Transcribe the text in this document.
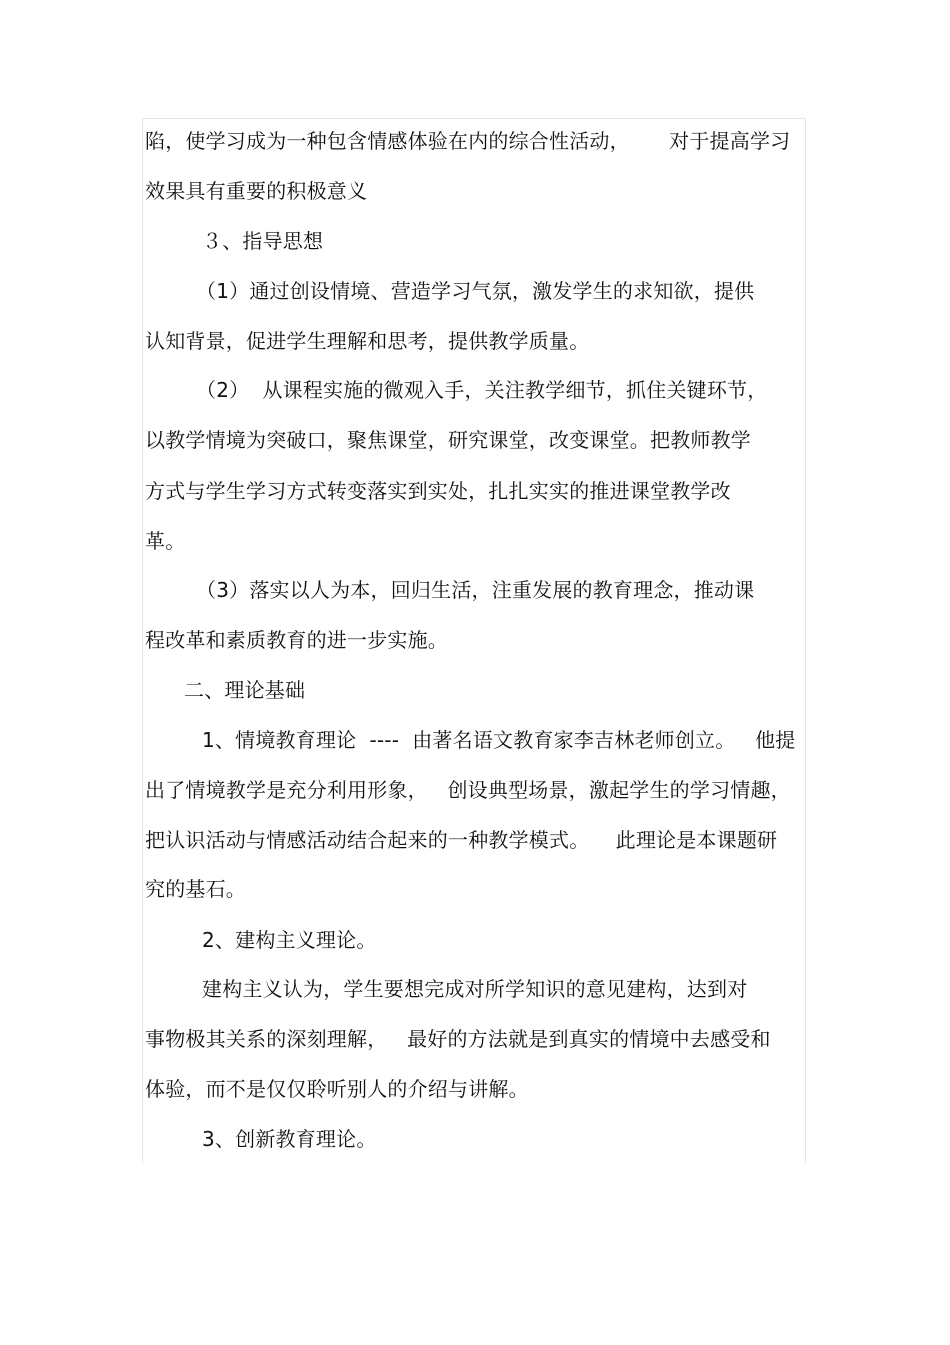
陷，使学习成为一种包含情感体验在内的综合性活动，      对于提高学习
效果具有重要的积极意义
３、指导思想
（1）通过创设情境、营造学习气氛，激发学生的求知欲，提供
认知背景，促进学生理解和思考，提供教学质量。
（2）  从课程实施的微观入手，关注教学细节，抓住关键环节，
以教学情境为突破口，聚焦课堂，研究课堂，改变课堂。把教师教学
方式与学生学习方式转变落实到实处，扎扎实实的推进课堂教学改
革。
（3）落实以人为本，回归生活，注重发展的教育理念，推动课
程改革和素质教育的进一步实施。
二、理论基础
1、情境教育理论  ----  由著名语文教育家李吉林老师创立。   他提
出了情境教学是充分利用形象，   创设典型场景，激起学生的学习情趣，
把认识活动与情感活动结合起来的一种教学模式。    此理论是本课题研
究的基石。
2、建构主义理论。
建构主义认为，学生要想完成对所学知识的意见建构，达到对
事物极其关系的深刻理解，   最好的方法就是到真实的情境中去感受和
体验，而不是仅仅聆听别人的介绍与讲解。
3、创新教育理论。
